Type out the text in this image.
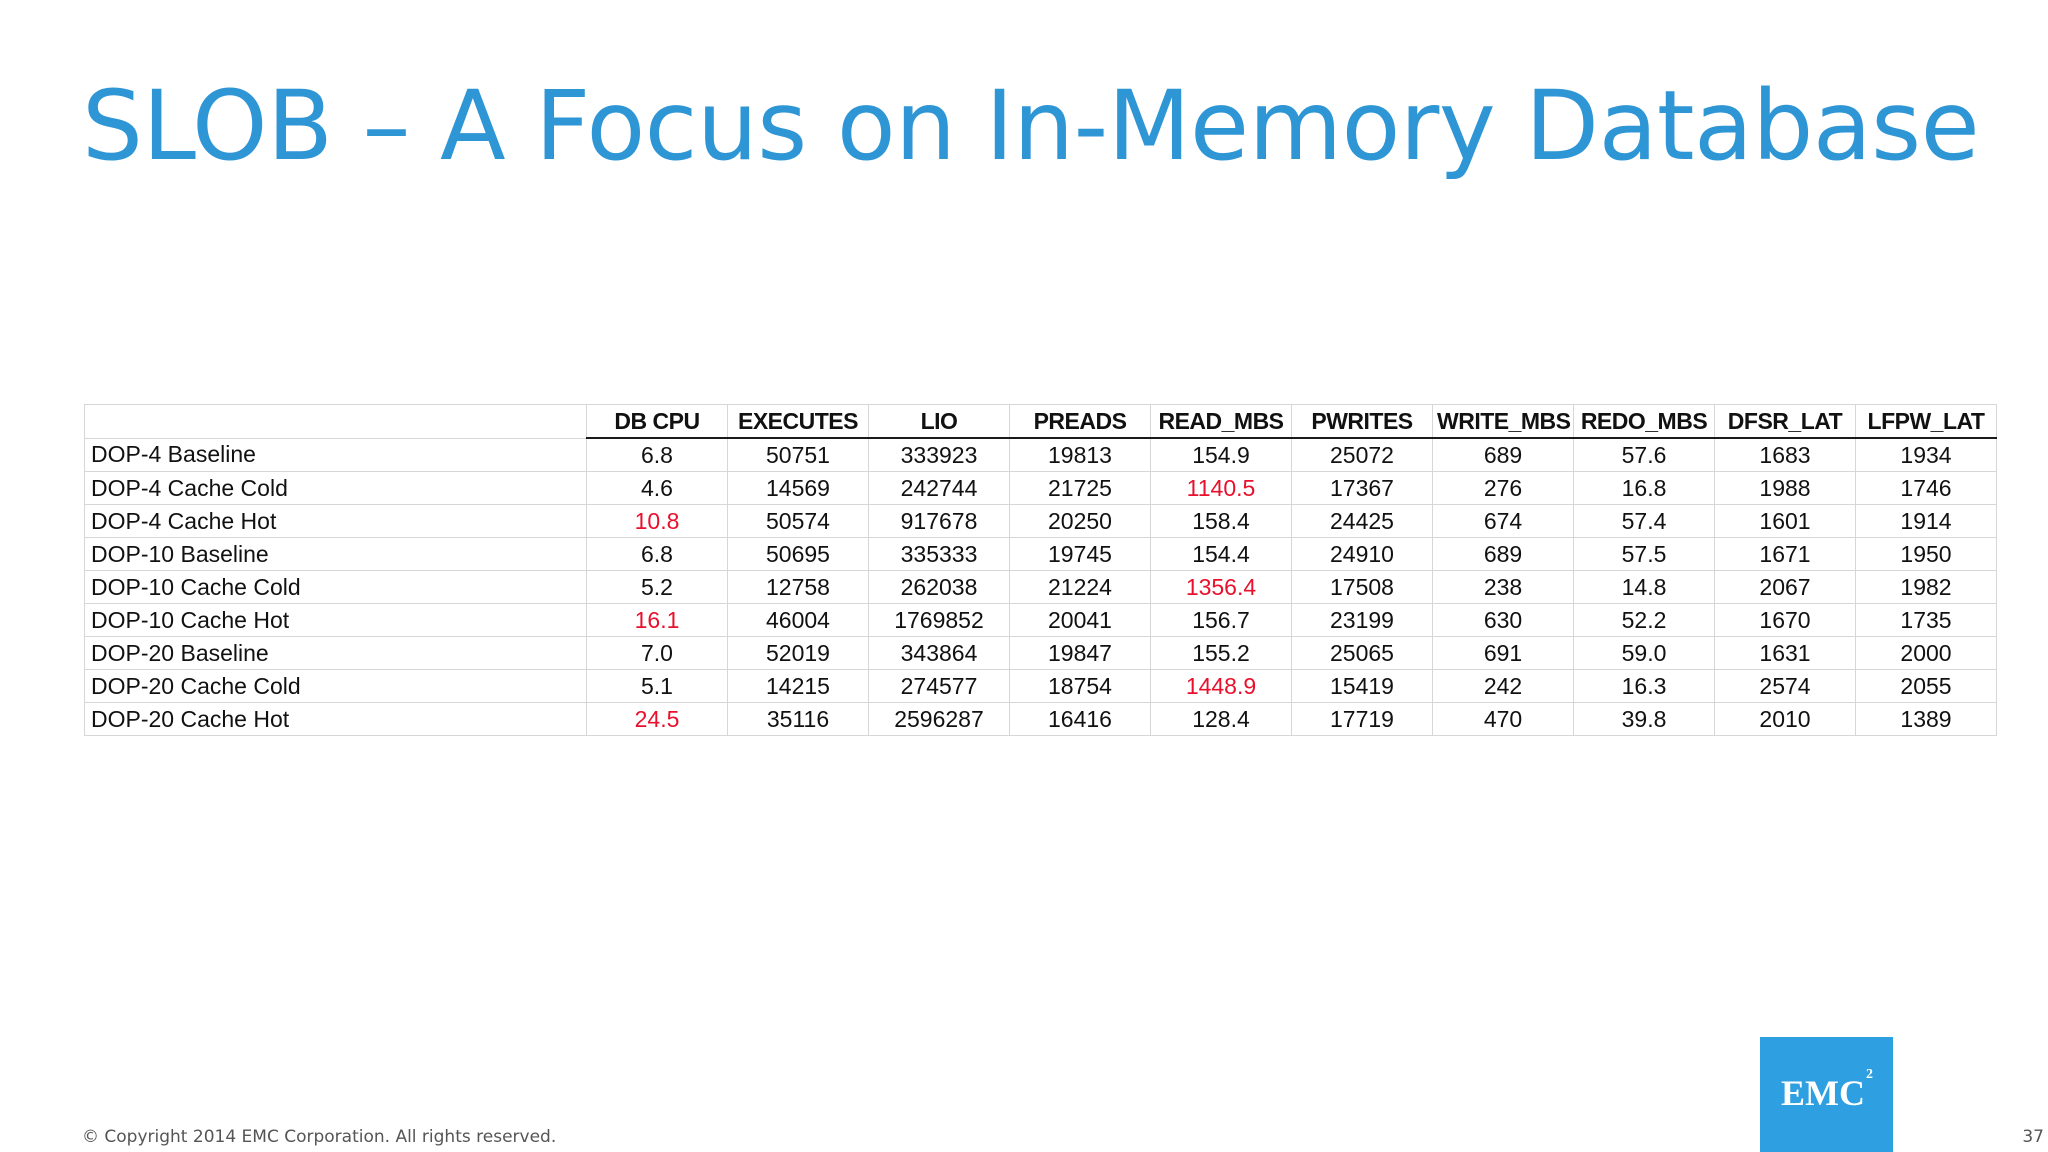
SLOB – A Focus on In-Memory Database
	DB CPU	EXECUTES	LIO	PREADS	READ_MBS	PWRITES	WRITE_MBS	REDO_MBS	DFSR_LAT	LFPW_LAT
DOP-4 Baseline	6.8	50751	333923	19813	154.9	25072	689	57.6	1683	1934
DOP-4 Cache Cold	4.6	14569	242744	21725	1140.5	17367	276	16.8	1988	1746
DOP-4 Cache Hot	10.8	50574	917678	20250	158.4	24425	674	57.4	1601	1914
DOP-10 Baseline	6.8	50695	335333	19745	154.4	24910	689	57.5	1671	1950
DOP-10 Cache Cold	5.2	12758	262038	21224	1356.4	17508	238	14.8	2067	1982
DOP-10 Cache Hot	16.1	46004	1769852	20041	156.7	23199	630	52.2	1670	1735
DOP-20 Baseline	7.0	52019	343864	19847	155.2	25065	691	59.0	1631	2000
DOP-20 Cache Cold	5.1	14215	274577	18754	1448.9	15419	242	16.3	2574	2055
DOP-20 Cache Hot	24.5	35116	2596287	16416	128.4	17719	470	39.8	2010	1389
© Copyright 2014 EMC Corporation. All rights reserved.	37
EMC 2
